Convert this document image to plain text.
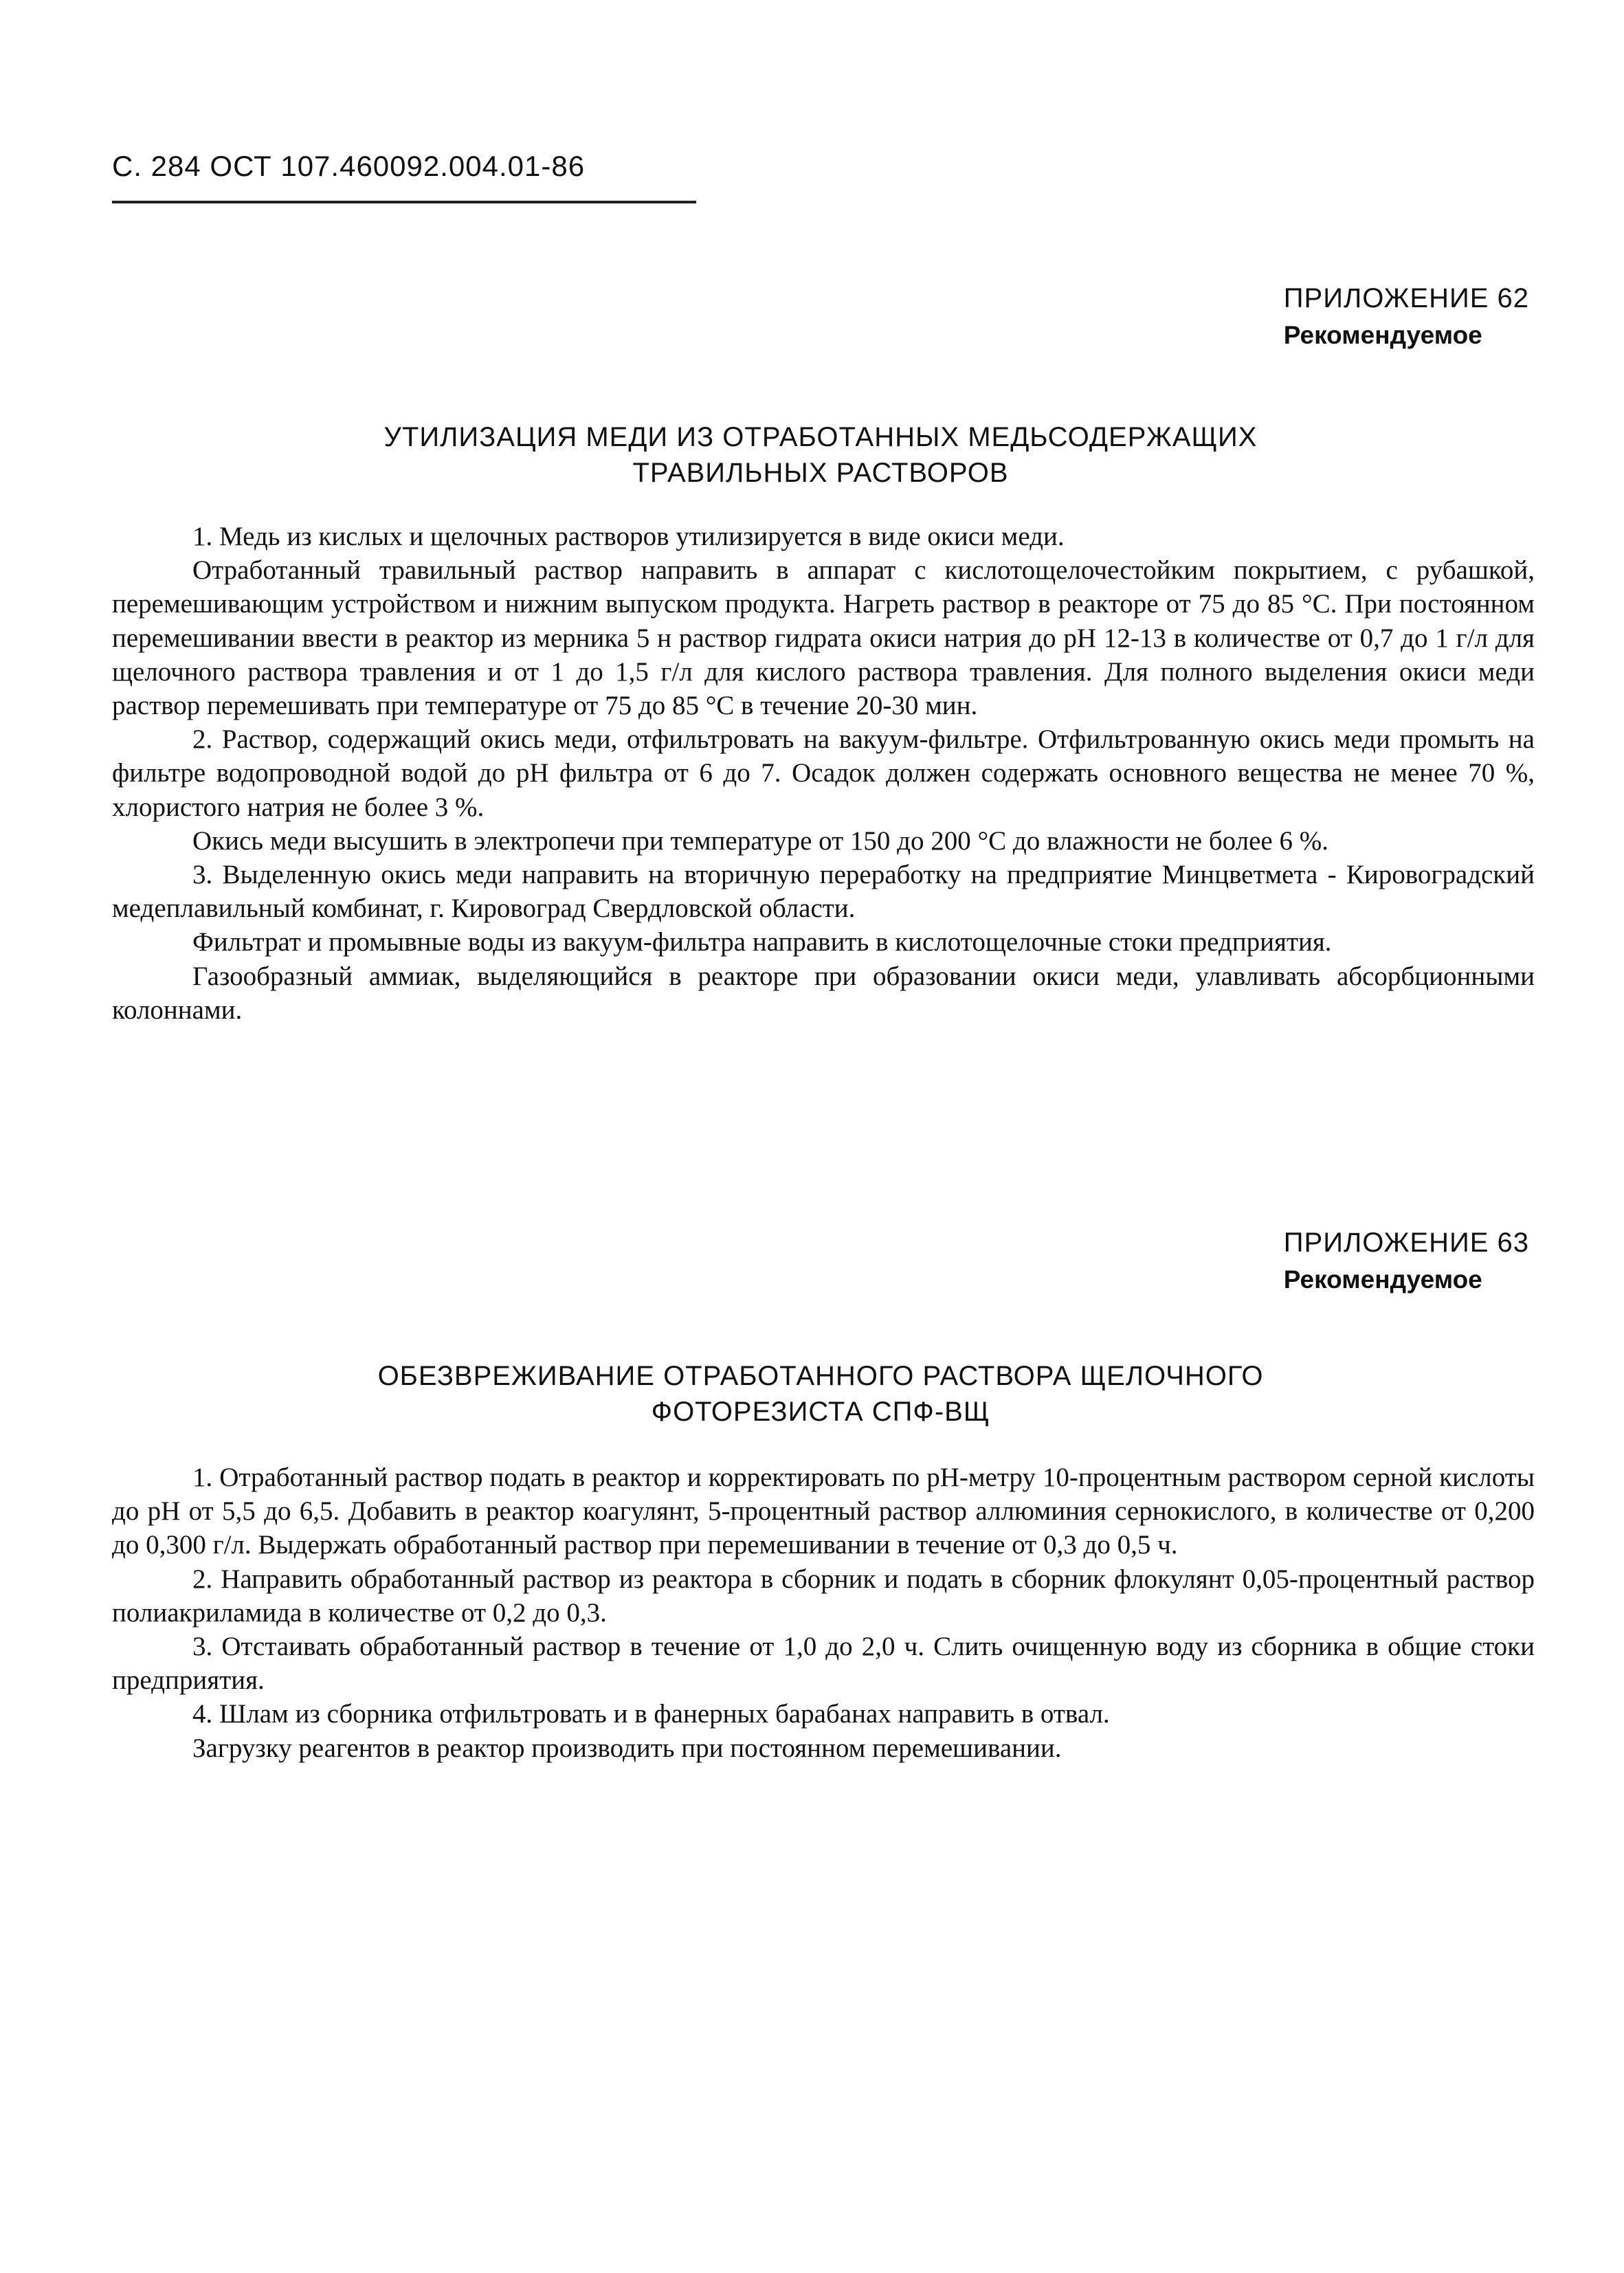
С. 284 ОСТ 107.460092.004.01-86
ПРИЛОЖЕНИЕ 62
Рекомендуемое
УТИЛИЗАЦИЯ МЕДИ ИЗ ОТРАБОТАННЫХ МЕДЬСОДЕРЖАЩИХ
ТРАВИЛЬНЫХ РАСТВОРОВ

1. Медь из кислых и щелочных растворов утилизируется в виде окиси меди.

Отработанный травильный раствор направить в аппарат с кислотощелочестойким покрытием, с рубашкой, перемешивающим устройством и нижним выпуском продукта. Нагреть раствор в реакторе от 75 до 85 °С. При постоянном перемешивании ввести в реактор из мерника 5 н раствор гидрата окиси натрия до рН 12-13 в количестве от 0,7 до 1 г/л для щелочного раствора травления и от 1 до 1,5 г/л для кислого раствора травления. Для полного выделения окиси меди раствор перемешивать при температуре от 75 до 85 °С в течение 20-30 мин.

2. Раствор, содержащий окись меди, отфильтровать на вакуум-фильтре. Отфильтрованную окись меди промыть на фильтре водопроводной водой до рН фильтра от 6 до 7. Осадок должен содержать основного вещества не менее 70 %, хлористого натрия не более 3 %.

Окись меди высушить в электропечи при температуре от 150 до 200 °С до влажности не более 6 %.

3. Выделенную окись меди направить на вторичную переработку на предприятие Минцветмета - Кировоградский медеплавильный комбинат, г. Кировоград Свердловской области.

Фильтрат и промывные воды из вакуум-фильтра направить в кислотощелочные стоки предприятия.

Газообразный аммиак, выделяющийся в реакторе при образовании окиси меди, улавливать абсорбционными колоннами.

ПРИЛОЖЕНИЕ 63
Рекомендуемое
ОБЕЗВРЕЖИВАНИЕ ОТРАБОТАННОГО РАСТВОРА ЩЕЛОЧНОГО
ФОТОРЕЗИСТА СПФ-ВЩ

1. Отработанный раствор подать в реактор и корректировать по рН-метру 10-процентным раствором серной кислоты до рН от 5,5 до 6,5. Добавить в реактор коагулянт, 5-процентный раствор аллюминия сернокислого, в количестве от 0,200 до 0,300 г/л. Выдержать обработанный раствор при перемешивании в течение от 0,3 до 0,5 ч.

2. Направить обработанный раствор из реактора в сборник и подать в сборник флокулянт 0,05-процентный раствор полиакриламида в количестве от 0,2 до 0,3.

3. Отстаивать обработанный раствор в течение от 1,0 до 2,0 ч. Слить очищенную воду из сборника в общие стоки предприятия.

4. Шлам из сборника отфильтровать и в фанерных барабанах направить в отвал.

Загрузку реагентов в реактор производить при постоянном перемешивании.
